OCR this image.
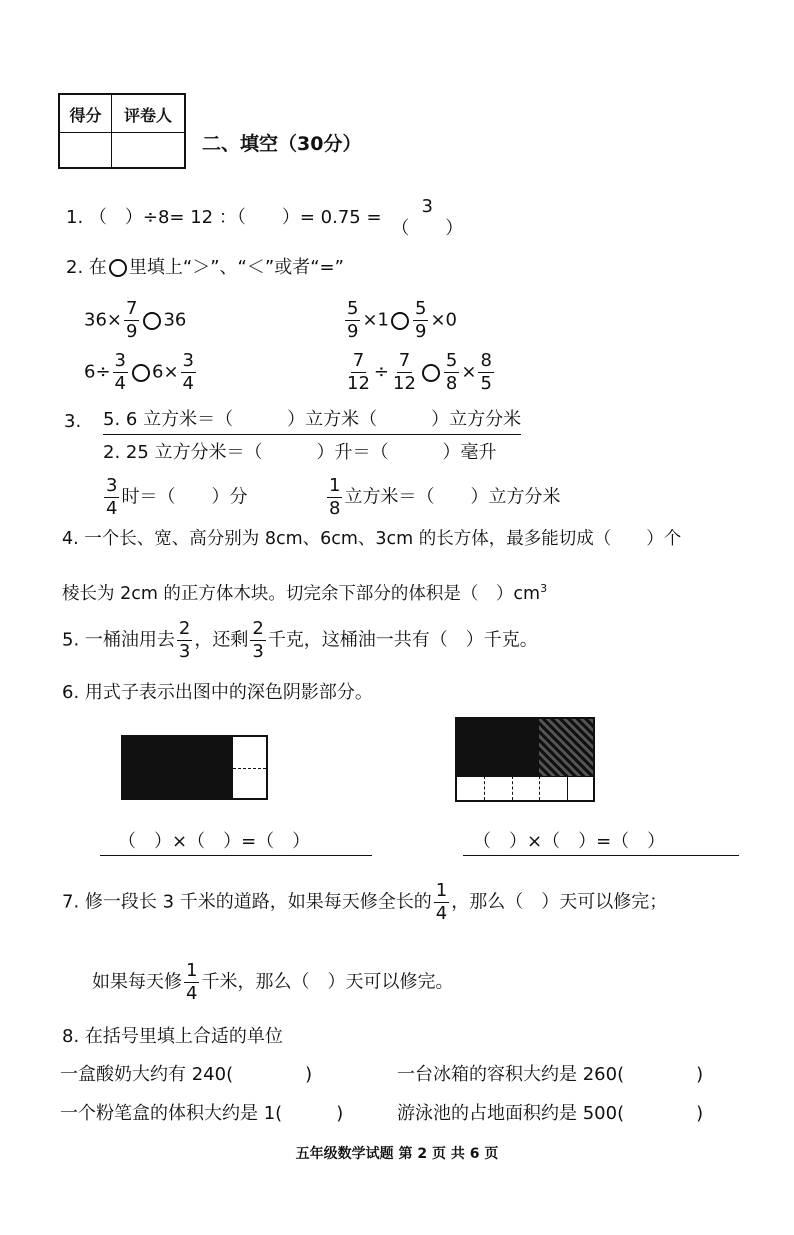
得分	评卷人
二、填空（30分）
1. （　）÷8= 12 ：（　　）= 0.75 =
3
（　　）
2. 在 里填上“＞”、“＜”或者“=”
$36\times \frac{7}{9} 36$	$\frac{5}{9} \times 1 \frac{5}{9} \times 0$
$6\div \frac{3}{4} 6\times \frac{3}{4}$	$\frac{7}{12} \div \frac{7}{12} \frac{5}{8} \times \frac{8}{5}$
3. 5. 6 立方米＝（　　　）立方米（　　　）立方分米
2. 25 立方分米＝（　　　）升＝（　　　）毫升
$\frac{3}{4}$ 时＝（　　）分	$\frac{1}{8}$ 立方米＝（　　）立方分米
4. 一个长、宽、高分别为 8cm、6cm、3cm 的长方体，最多能切成（　　）个
棱长为 2cm 的正方体木块。切完余下部分的体积是（　）$cm^3$
5. 一桶油用去 $\frac{2}{3}$ ，还剩 $\frac{2}{3}$ 千克，这桶油一共有（　）千克。
6. 用式子表示出图中的深色阴影部分。
（　）×（　）=（　）	（　）×（　）=（　）
7. 修一段长 3 千米的道路，如果每天修全长的 $\frac{1}{4}$ ，那么（　）天可以修完；
如果每天修 $\frac{1}{4}$ 千米，那么（　）天可以修完。
8. 在括号里填上合适的单位
一盒酸奶大约有 240(　　　　)	一台冰箱的容积大约是 260(　　　　)
一个粉笔盒的体积大约是 1(　　　)	游泳池的占地面积约是 500(　　　　)
五年级数学试题 第 2 页 共 6 页
